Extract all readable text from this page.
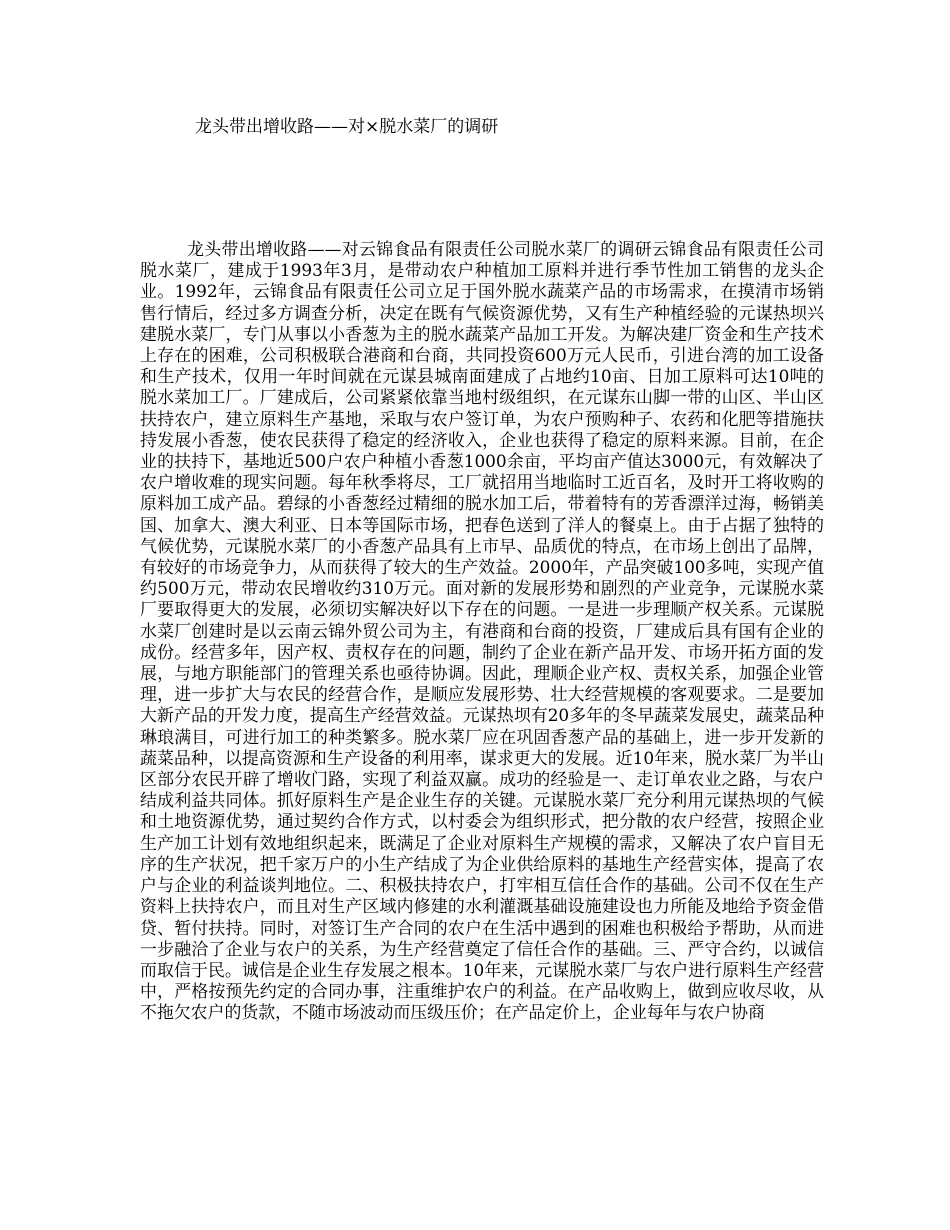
龙头带出增收路——对×脱水菜厂的调研

龙头带出增收路——对云锦食品有限责任公司脱水菜厂的调研云锦食品有限责任公司脱水菜厂，建成于1993年3月，是带动农户种植加工原料并进行季节性加工销售的龙头企业。1992年，云锦食品有限责任公司立足于国外脱水蔬菜产品的市场需求，在摸清市场销售行情后，经过多方调查分析，决定在既有气候资源优势，又有生产种植经验的元谋热坝兴建脱水菜厂，专门从事以小香葱为主的脱水蔬菜产品加工开发。为解决建厂资金和生产技术上存在的困难，公司积极联合港商和台商，共同投资600万元人民币，引进台湾的加工设备和生产技术，仅用一年时间就在元谋县城南面建成了占地约10亩、日加工原料可达10吨的脱水菜加工厂。厂建成后，公司紧紧依靠当地村级组织，在元谋东山脚一带的山区、半山区扶持农户，建立原料生产基地，采取与农户签订单，为农户预购种子、农药和化肥等措施扶持发展小香葱，使农民获得了稳定的经济收入，企业也获得了稳定的原料来源。目前，在企业的扶持下，基地近500户农户种植小香葱1000余亩，平均亩产值达3000元，有效解决了农户增收难的现实问题。每年秋季将尽，工厂就招用当地临时工近百名，及时开工将收购的原料加工成产品。碧绿的小香葱经过精细的脱水加工后，带着特有的芳香漂洋过海，畅销美国、加拿大、澳大利亚、日本等国际市场，把春色送到了洋人的餐桌上。由于占据了独特的气候优势，元谋脱水菜厂的小香葱产品具有上市早、品质优的特点，在市场上创出了品牌，有较好的市场竞争力，从而获得了较大的生产效益。2000年，产品突破100多吨，实现产值约500万元，带动农民增收约310万元。面对新的发展形势和剧烈的产业竞争，元谋脱水菜厂要取得更大的发展，必须切实解决好以下存在的问题。一是进一步理顺产权关系。元谋脱水菜厂创建时是以云南云锦外贸公司为主，有港商和台商的投资，厂建成后具有国有企业的成份。经营多年，因产权、责权存在的问题，制约了企业在新产品开发、市场开拓方面的发展，与地方职能部门的管理关系也亟待协调。因此，理顺企业产权、责权关系，加强企业管理，进一步扩大与农民的经营合作，是顺应发展形势、壮大经营规模的客观要求。二是要加大新产品的开发力度，提高生产经营效益。元谋热坝有20多年的冬早蔬菜发展史，蔬菜品种琳琅满目，可进行加工的种类繁多。脱水菜厂应在巩固香葱产品的基础上，进一步开发新的蔬菜品种，以提高资源和生产设备的利用率，谋求更大的发展。近10年来，脱水菜厂为半山区部分农民开辟了增收门路，实现了利益双赢。成功的经验是一、走订单农业之路，与农户结成利益共同体。抓好原料生产是企业生存的关键。元谋脱水菜厂充分利用元谋热坝的气候和土地资源优势，通过契约合作方式，以村委会为组织形式，把分散的农户经营，按照企业生产加工计划有效地组织起来，既满足了企业对原料生产规模的需求，又解决了农户盲目无序的生产状况，把千家万户的小生产结成了为企业供给原料的基地生产经营实体，提高了农户与企业的利益谈判地位。二、积极扶持农户，打牢相互信任合作的基础。公司不仅在生产资料上扶持农户，而且对生产区域内修建的水利灌溉基础设施建设也力所能及地给予资金借贷、暂付扶持。同时，对签订生产合同的农户在生活中遇到的困难也积极给予帮助，从而进一步融洽了企业与农户的关系，为生产经营奠定了信任合作的基础。三、严守合约，以诚信而取信于民。诚信是企业生存发展之根本。10年来，元谋脱水菜厂与农户进行原料生产经营中，严格按预先约定的合同办事，注重维护农户的利益。在产品收购上，做到应收尽收，从不拖欠农户的货款，不随市场波动而压级压价；在产品定价上，企业每年与农户协商
